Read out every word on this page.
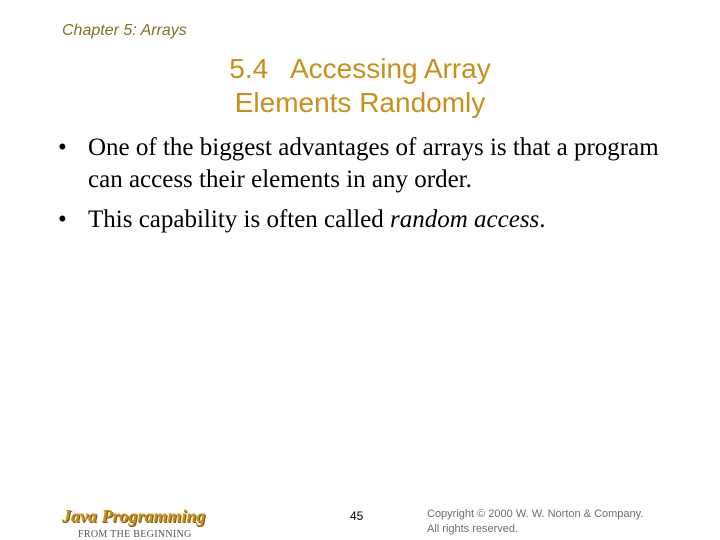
Chapter 5: Arrays
5.4   Accessing Array
Elements Randomly
• One of the biggest advantages of arrays is that a program can access their elements in any order.
• This capability is often called random access.
Java Programming
FROM THE BEGINNING
45	Copyright © 2000 W. W. Norton & Company.
All rights reserved.
